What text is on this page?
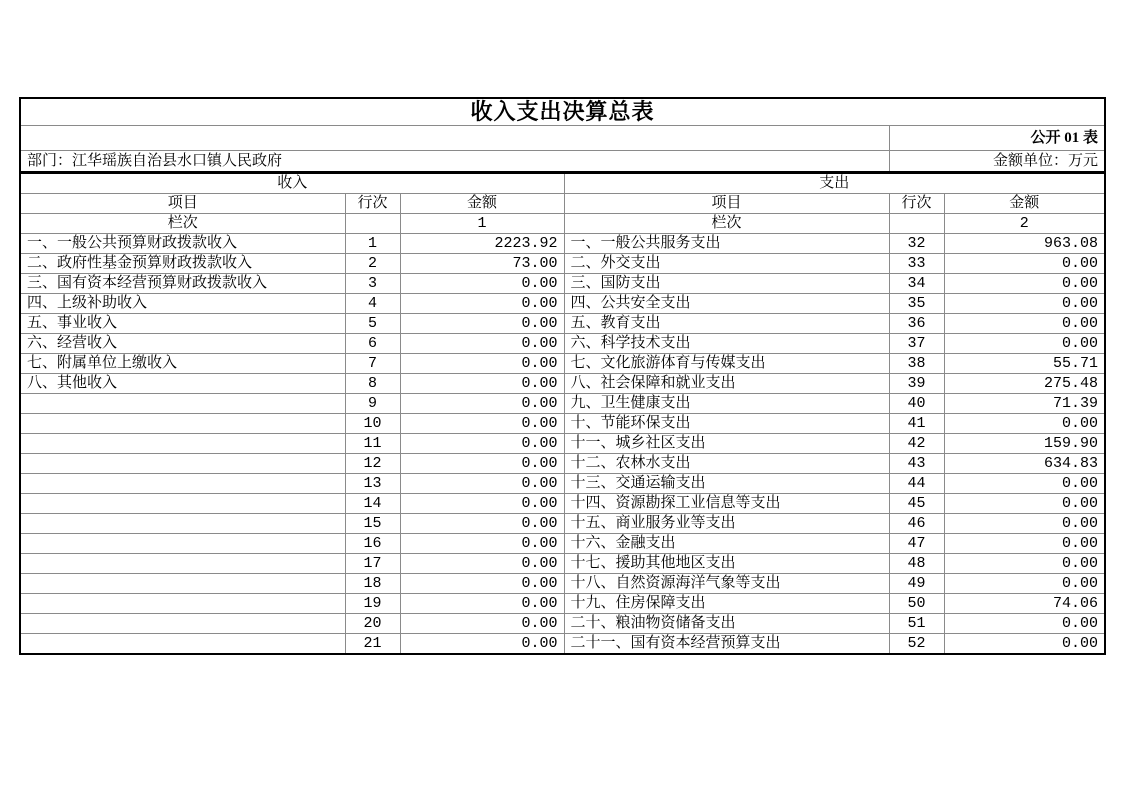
收入支出决算总表					
				公开 01 表	
部门：江华瑶族自治县水口镇人民政府				金额单位：万元	
收入			支出		
项目	行次	金额	项目	行次	金额
栏次		1	栏次		2
一、一般公共预算财政拨款收入	1	2223.92	一、一般公共服务支出	32	963.08
二、政府性基金预算财政拨款收入	2	73.00	二、外交支出	33	0.00
三、国有资本经营预算财政拨款收入	3	0.00	三、国防支出	34	0.00
四、上级补助收入	4	0.00	四、公共安全支出	35	0.00
五、事业收入	5	0.00	五、教育支出	36	0.00
六、经营收入	6	0.00	六、科学技术支出	37	0.00
七、附属单位上缴收入	7	0.00	七、文化旅游体育与传媒支出	38	55.71
八、其他收入	8	0.00	八、社会保障和就业支出	39	275.48
	9	0.00	九、卫生健康支出	40	71.39
	10	0.00	十、节能环保支出	41	0.00
	11	0.00	十一、城乡社区支出	42	159.90
	12	0.00	十二、农林水支出	43	634.83
	13	0.00	十三、交通运输支出	44	0.00
	14	0.00	十四、资源勘探工业信息等支出	45	0.00
	15	0.00	十五、商业服务业等支出	46	0.00
	16	0.00	十六、金融支出	47	0.00
	17	0.00	十七、援助其他地区支出	48	0.00
	18	0.00	十八、自然资源海洋气象等支出	49	0.00
	19	0.00	十九、住房保障支出	50	74.06
	20	0.00	二十、粮油物资储备支出	51	0.00
	21	0.00	二十一、国有资本经营预算支出	52	0.00
